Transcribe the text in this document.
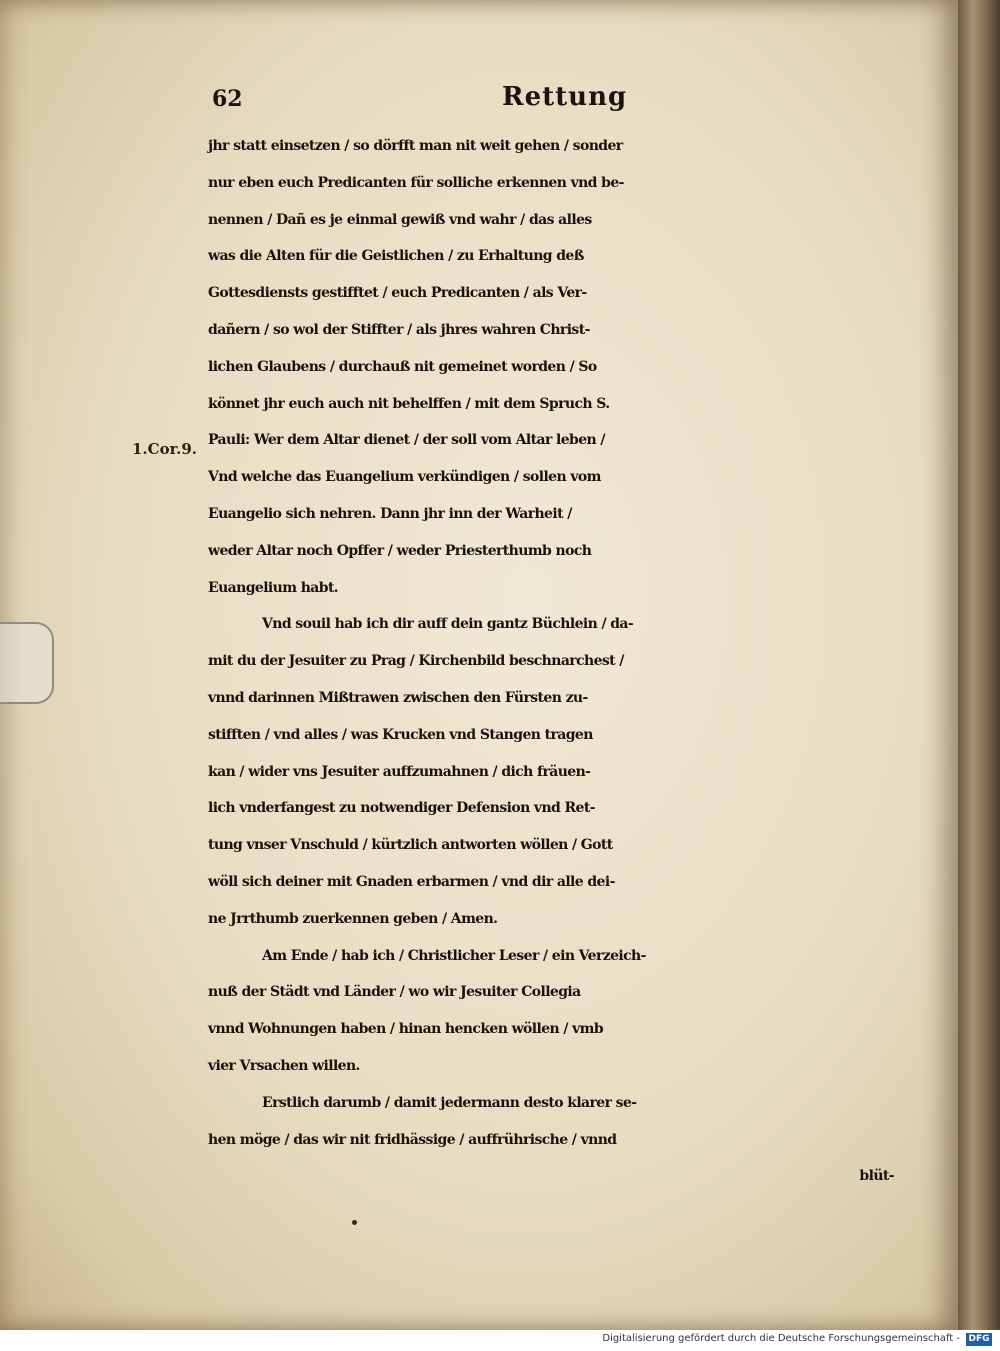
62	Rettung
1.Cor.9.
jhr statt einsetzen / so dörfft man nit weit gehen / sonder
nur eben euch Predicanten für solliche erkennen vnd be-
nennen / Dañ es je einmal gewiß vnd wahr / das alles
was die Alten für die Geistlichen / zu Erhaltung deß
Gottesdiensts gestifftet / euch Predicanten / als Ver-
dañern / so wol der Stiffter / als jhres wahren Christ-
lichen Glaubens / durchauß nit gemeinet worden / So
könnet jhr euch auch nit behelffen / mit dem Spruch S.
Pauli: Wer dem Altar dienet / der soll vom Altar leben /
Vnd welche das Euangelium verkündigen / sollen vom
Euangelio sich nehren. Dann jhr inn der Warheit /
weder Altar noch Opffer / weder Priesterthumb noch
Euangelium habt.
Vnd souil hab ich dir auff dein gantz Büchlein / da-
mit du der Jesuiter zu Prag / Kirchenbild beschnarchest /
vnnd darinnen Mißtrawen zwischen den Fürsten zu-
stifften / vnd alles / was Krucken vnd Stangen tragen
kan / wider vns Jesuiter auffzumahnen / dich fräuen-
lich vnderfangest zu notwendiger Defension vnd Ret-
tung vnser Vnschuld / kürtzlich antworten wöllen / Gott
wöll sich deiner mit Gnaden erbarmen / vnd dir alle dei-
ne Jrrthumb zuerkennen geben / Amen.
Am Ende / hab ich / Christlicher Leser / ein Verzeich-
nuß der Städt vnd Länder / wo wir Jesuiter Collegia
vnnd Wohnungen haben / hinan hencken wöllen / vmb
vier Vrsachen willen.
Erstlich darumb / damit jedermann desto klarer se-
hen möge / das wir nit fridhässige / auffrührische / vnnd
blüt-
Digitalisierung gefördert durch die Deutsche Forschungsgemeinschaft - DFG
